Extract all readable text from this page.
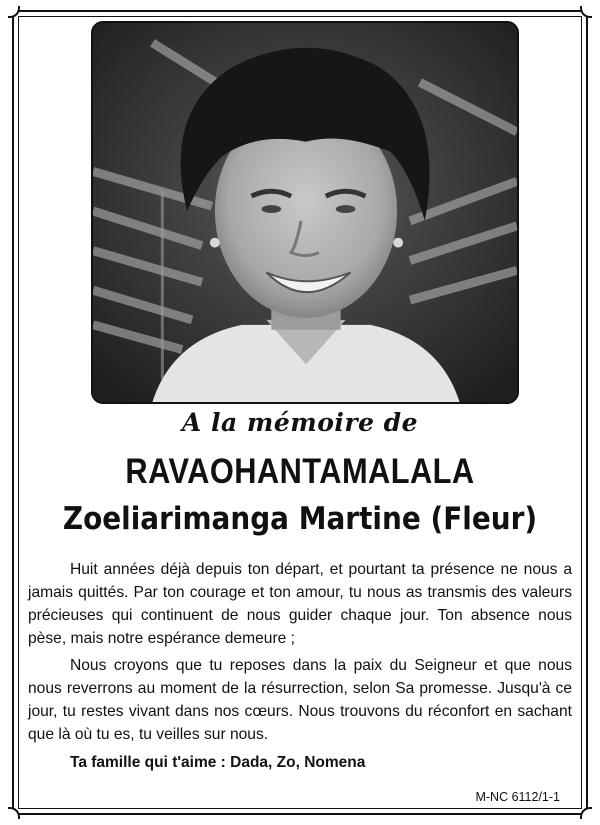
A la mémoire de
RAVAOHANTAMALALA
Zoeliarimanga Martine (Fleur)
Huit années déjà depuis ton départ, et pourtant ta présence ne nous a jamais quittés. Par ton courage et ton amour, tu nous as transmis des valeurs précieuses qui continuent de nous guider chaque jour. Ton absence nous pèse, mais notre espérance demeure ;
Nous croyons que tu reposes dans la paix du Seigneur et que nous nous reverrons au moment de la résurrection, selon Sa promesse. Jusqu'à ce jour, tu restes vivant dans nos cœurs. Nous trouvons du réconfort en sachant que là où tu es, tu veilles sur nous.
Ta famille qui t'aime : Dada, Zo, Nomena
M-NC 6112/1-1
